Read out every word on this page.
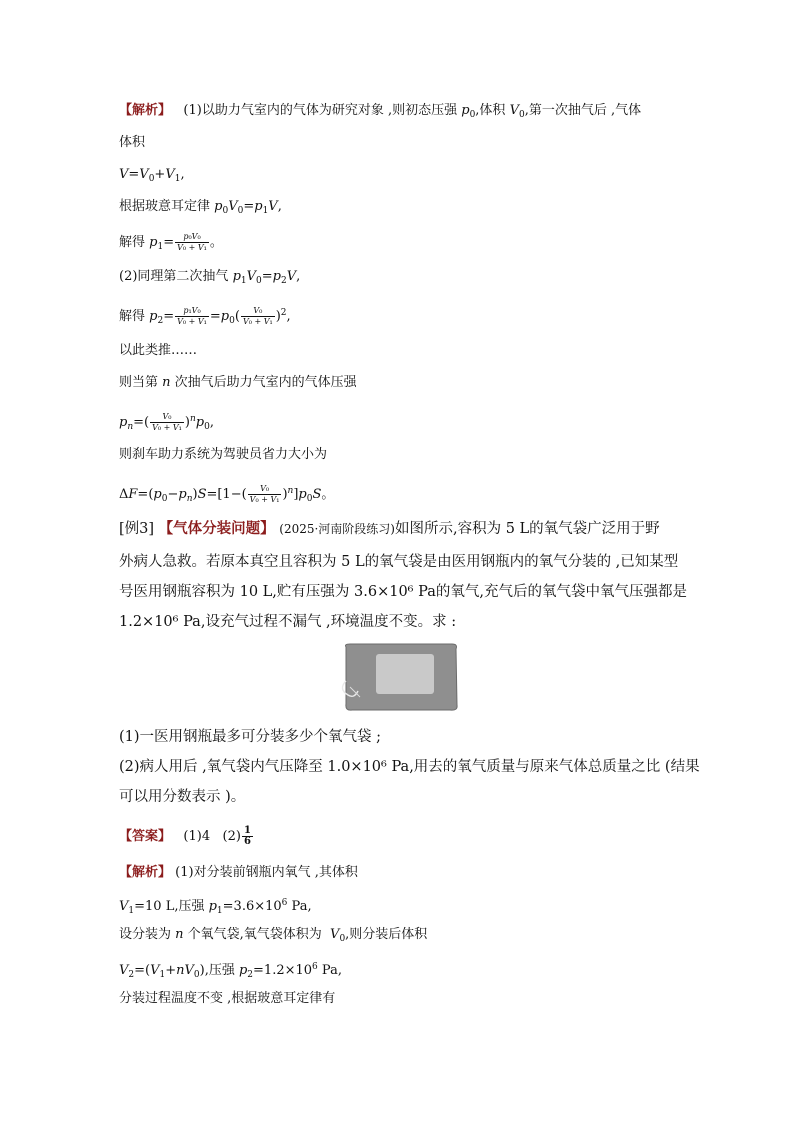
【解析】   (1)以助力气室内的气体为研究对象 ,则初态压强 $p_0$,体积 $V_0$,第一次抽气后 ,气体
体积
$V=V_0+V_1$,
根据玻意耳定律 $p_0V_0=p_1V$,
解得 $p_1= \frac{\text{p₀V₀}}{\text{V₀ + V₁}}$ 。
(2)同理第二次抽气 $p_1V_0=p_2V$,
解得 $p_2= \frac{\text{p₁V₀}}{\text{V₀ + V₁}} =p_0( \frac{\text{V₀}}{\text{V₀ + V₁}} )^2$,
以此类推……
则当第 n 次抽气后助力气室内的气体压强
$p_n=( \frac{\text{V₀}}{\text{V₀ + V₁}} )^np_0$,
则刹车助力系统为驾驶员省力大小为
$\Delta F=(p_0-p_n)S=[1-( \frac{\text{V₀}}{\text{V₀ + V₁}} )^n]p_0S$。
[例3] 【气体分装问题】 (2025·河南阶段练习)如图所示,容积为 5 L的氧气袋广泛用于野
外病人急救。若原本真空且容积为 5 L的氧气袋是由医用钢瓶内的氧气分装的 ,已知某型
号医用钢瓶容积为 10 L,贮有压强为 3.6×10⁶ Pa的氧气,充气后的氧气袋中氧气压强都是
1.2×10⁶ Pa,设充气过程不漏气 ,环境温度不变。求 :
(1)一医用钢瓶最多可分装多少个氧气袋 ;
(2)病人用后 ,氧气袋内气压降至 1.0×10⁶ Pa,用去的氧气质量与原来气体总质量之比 (结果
可以用分数表示 )。
【答案】 (1)4 $(2) \frac{1}{6}$
【解析】 (1)对分装前钢瓶内氧气 ,其体积
$V_1=10$ L,压强 $p_1=3.6\times 10^6$ Pa,
设分装为 n 个氧气袋,氧气袋体积为  $V_0$,则分装后体积
$V_2=(V_1+nV_0)$,压强 $p_2=1.2\times 10^6$ Pa,
分装过程温度不变 ,根据玻意耳定律有
